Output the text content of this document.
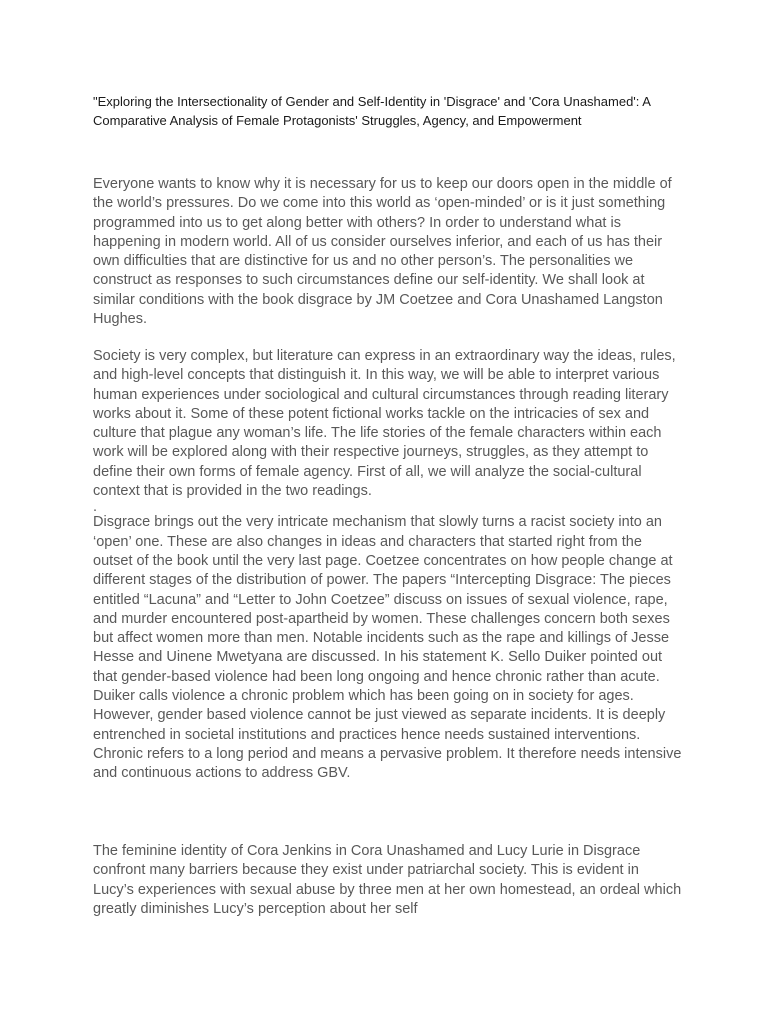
"Exploring the Intersectionality of Gender and Self-Identity in 'Disgrace' and 'Cora Unashamed': A Comparative Analysis of Female Protagonists' Struggles, Agency, and Empowerment

Everyone wants to know why it is necessary for us to keep our doors open in the middle of the world’s pressures. Do we come into this world as ‘open-minded’ or is it just something programmed into us to get along better with others? In order to understand what is happening in modern world. All of us consider ourselves inferior, and each of us has their own difficulties that are distinctive for us and no other person’s. The personalities we construct as responses to such circumstances define our self-identity. We shall look at similar conditions with the book disgrace by JM Coetzee and Cora Unashamed Langston Hughes.

Society is very complex, but literature can express in an extraordinary way the ideas, rules, and high-level concepts that distinguish it. In this way, we will be able to interpret various human experiences under sociological and cultural circumstances through reading literary works about it. Some of these potent fictional works tackle on the intricacies of sex and culture that plague any woman’s life. The life stories of the female characters within each work will be explored along with their respective journeys, struggles, as they attempt to define their own forms of female agency. First of all, we will analyze the social-cultural context that is provided in the two readings.
.
Disgrace brings out the very intricate mechanism that slowly turns a racist society into an ‘open’ one. These are also changes in ideas and characters that started right from the outset of the book until the very last page. Coetzee concentrates on how people change at different stages of the distribution of power. The papers “Intercepting Disgrace: The pieces entitled “Lacuna” and “Letter to John Coetzee” discuss on issues of sexual violence, rape, and murder encountered post-apartheid by women. These challenges concern both sexes but affect women more than men. Notable incidents such as the rape and killings of Jesse Hesse and Uinene Mwetyana are discussed. In his statement K. Sello Duiker pointed out that gender-based violence had been long ongoing and hence chronic rather than acute. Duiker calls violence a chronic problem which has been going on in society for ages. However, gender based violence cannot be just viewed as separate incidents. It is deeply entrenched in societal institutions and practices hence needs sustained interventions. Chronic refers to a long period and means a pervasive problem. It therefore needs intensive and continuous actions to address GBV.

The feminine identity of Cora Jenkins in Cora Unashamed and Lucy Lurie in Disgrace confront many barriers because they exist under patriarchal society. This is evident in Lucy’s experiences with sexual abuse by three men at her own homestead, an ordeal which greatly diminishes Lucy’s perception about her self
